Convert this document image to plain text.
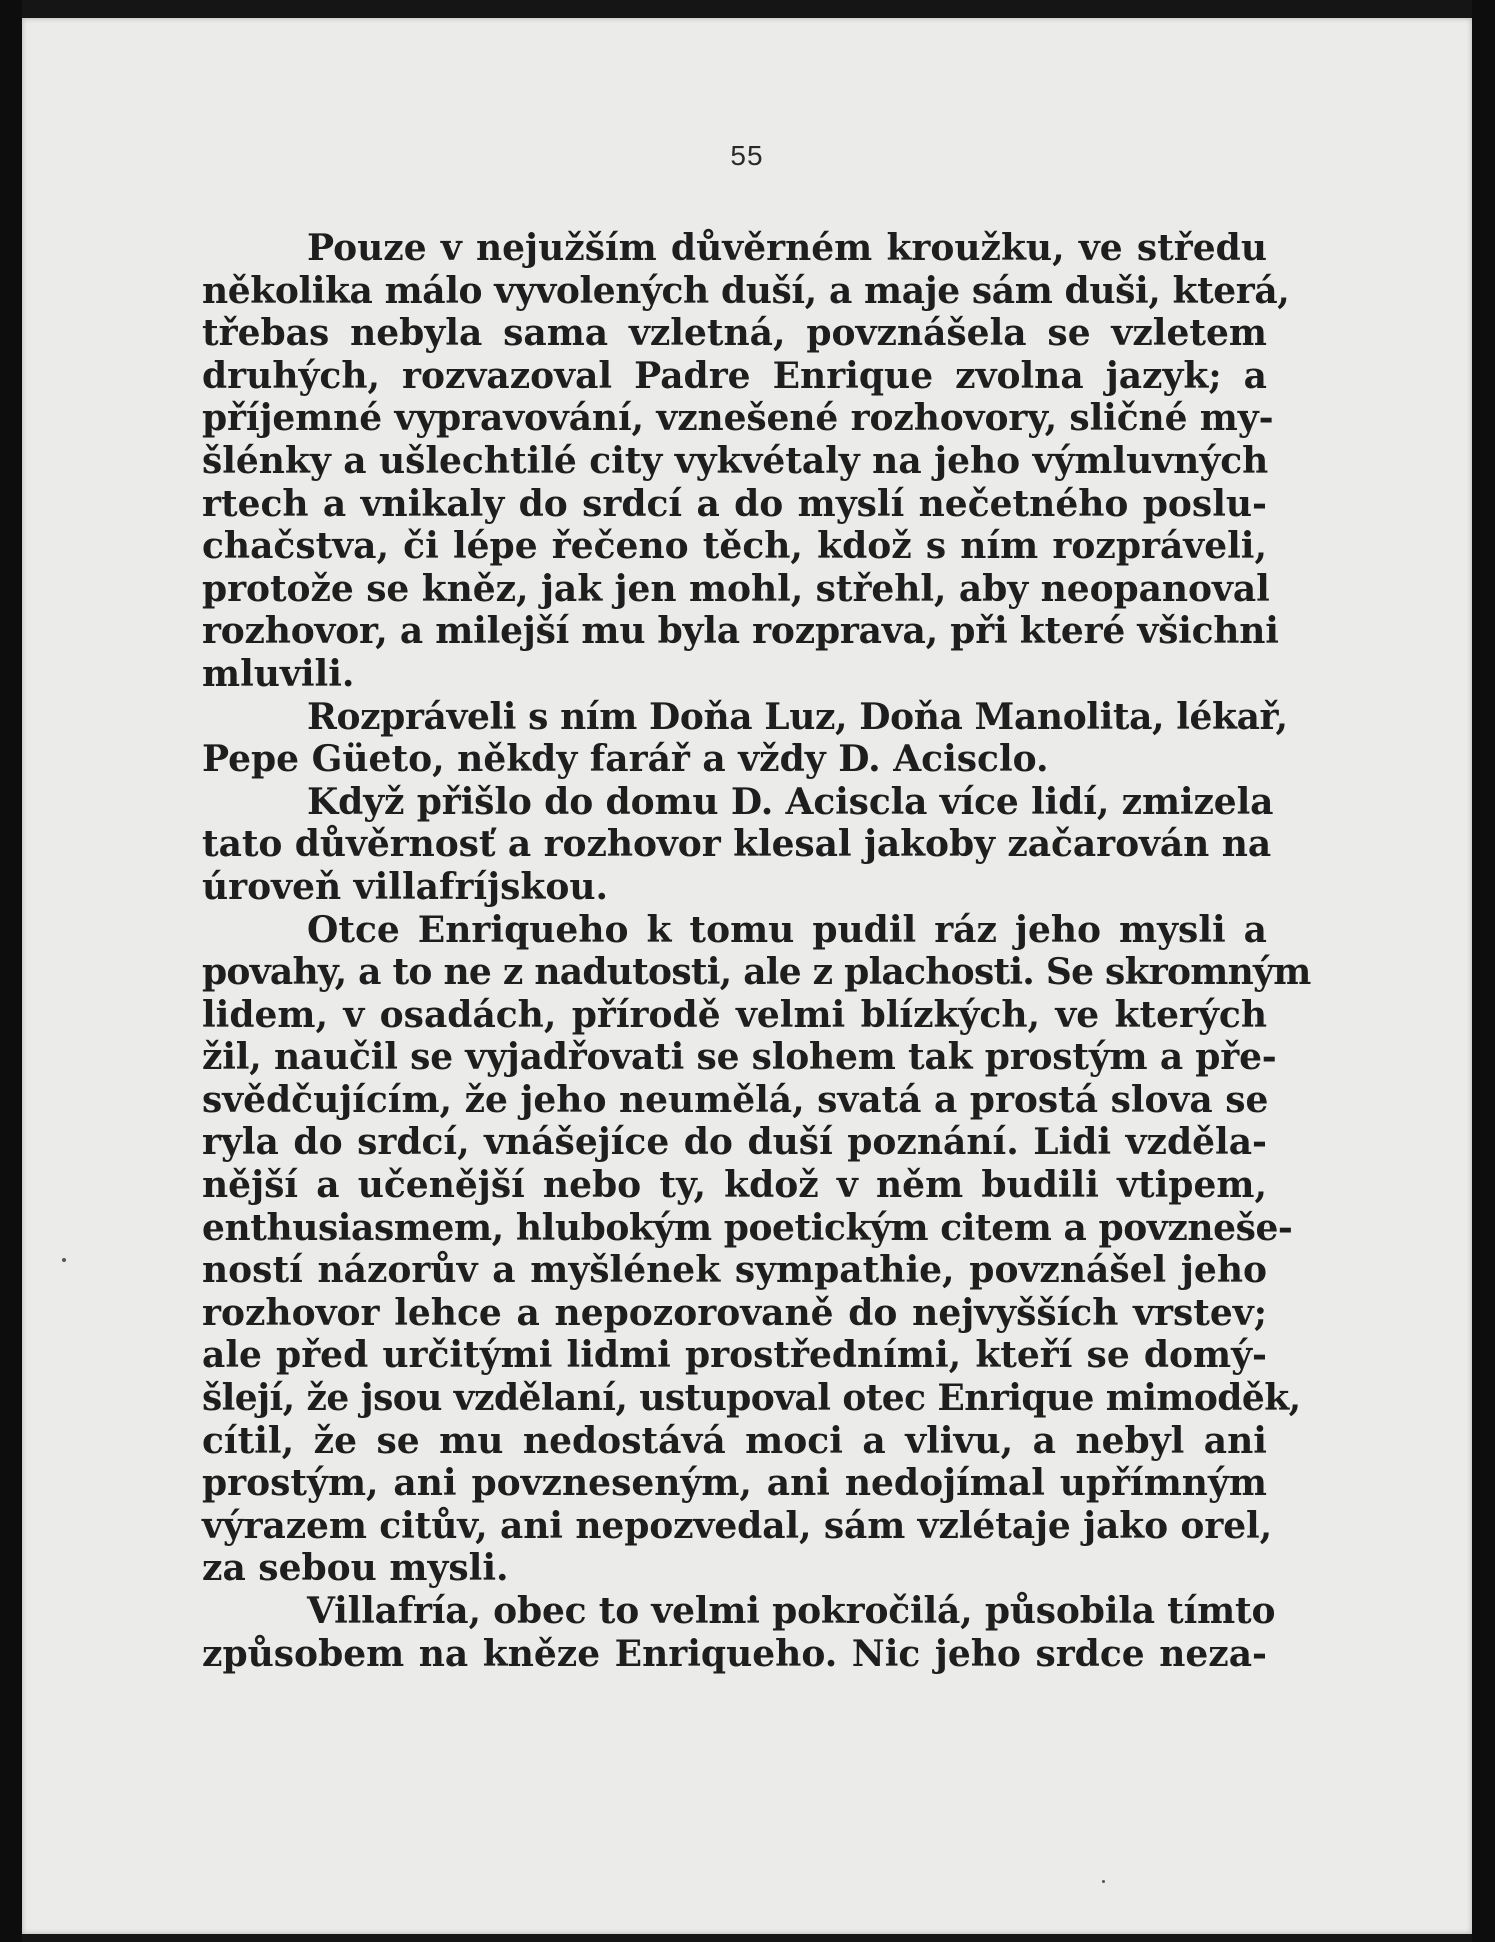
55
Pouze v nejužším důvěrném kroužku, ve středu
několika málo vyvolených duší, a maje sám duši, která,
třebas nebyla sama vzletná, povznášela se vzletem
druhých, rozvazoval Padre Enrique zvolna jazyk; a
příjemné vypravování, vznešené rozhovory, sličné my-
šlénky a ušlechtilé city vykvétaly na jeho výmluvných
rtech a vnikaly do srdcí a do myslí nečetného poslu-
chačstva, či lépe řečeno těch, kdož s ním rozpráveli,
protože se kněz, jak jen mohl, střehl, aby neopanoval
rozhovor, a milejší mu byla rozprava, při které všichni
mluvili.
Rozpráveli s ním Doňa Luz, Doňa Manolita, lékař,
Pepe Güeto, někdy farář a vždy D. Acisclo.
Když přišlo do domu D. Aciscla více lidí, zmizela
tato důvěrnosť a rozhovor klesal jakoby začarován na
úroveň villafríjskou.
Otce Enriqueho k tomu pudil ráz jeho mysli a
povahy, a to ne z nadutosti, ale z plachosti. Se skromným
lidem, v osadách, přírodě velmi blízkých, ve kterých
žil, naučil se vyjadřovati se slohem tak prostým a pře-
svědčujícím, že jeho neumělá, svatá a prostá slova se
ryla do srdcí, vnášejíce do duší poznání. Lidi vzděla-
nější a učenější nebo ty, kdož v něm budili vtipem,
enthusiasmem, hlubokým poetickým citem a povzneše-
ností názorův a myšlének sympathie, povznášel jeho
rozhovor lehce a nepozorovaně do nejvyšších vrstev;
ale před určitými lidmi prostředními, kteří se domý-
šlejí, že jsou vzdělaní, ustupoval otec Enrique mimoděk,
cítil, že se mu nedostává moci a vlivu, a nebyl ani
prostým, ani povzneseným, ani nedojímal upřímným
výrazem citův, ani nepozvedal, sám vzlétaje jako orel,
za sebou mysli.
Villafría, obec to velmi pokročilá, působila tímto
způsobem na kněze Enriqueho. Nic jeho srdce neza-
